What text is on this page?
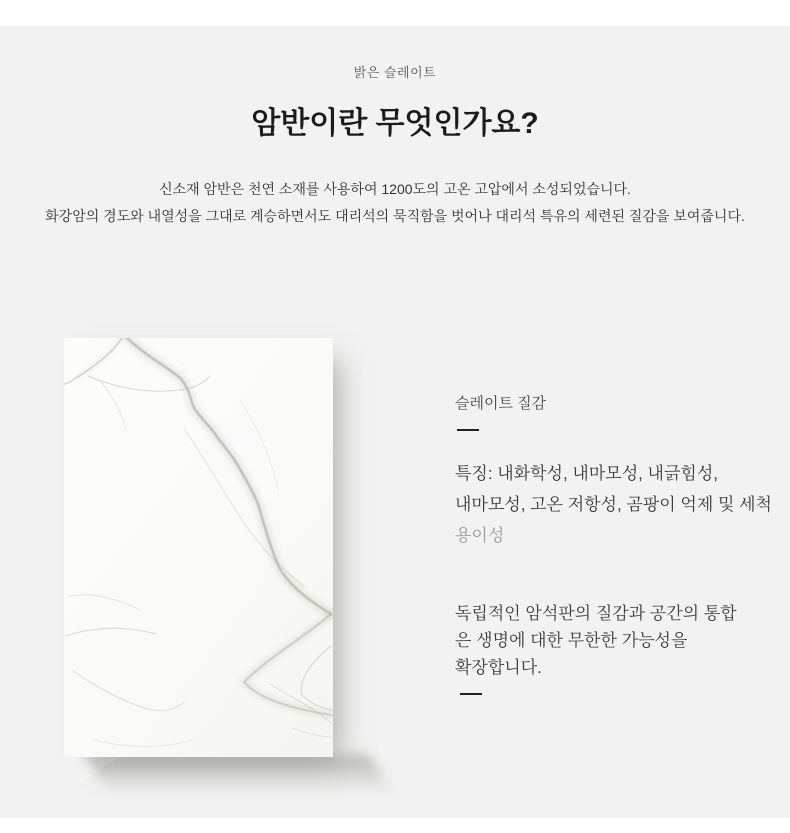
밝은 슬레이트
암반이란 무엇인가요?
신소재 암반은 천연 소재를 사용하여 1200도의 고온 고압에서 소성되었습니다.
화강암의 경도와 내열성을 그대로 계승하면서도 대리석의 묵직함을 벗어나 대리석 특유의 세련된 질감을 보여줍니다.
슬레이트 질감
특징: 내화학성, 내마모성, 내긁힘성,
내마모성, 고온 저항성, 곰팡이 억제 및 세척
용이성
독립적인 암석판의 질감과 공간의 통합
은 생명에 대한 무한한 가능성을
확장합니다.
